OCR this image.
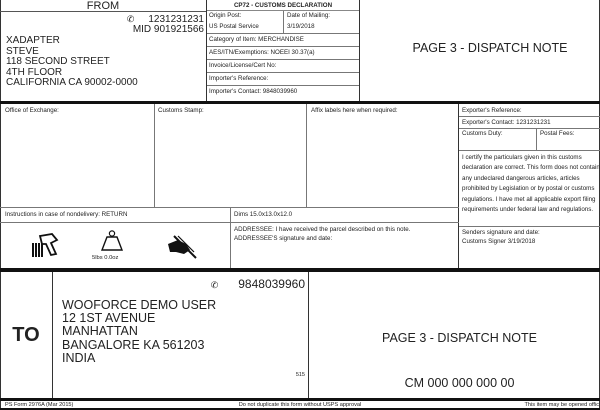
FROM
✆ 1231231231
MID 901921566
XADAPTER
STEVE
118 SECOND STREET
4TH FLOOR
CALIFORNIA CA 90002-0000
CP72 - CUSTOMS DECLARATION
Origin Post:
US Postal Service
Date of Mailing:
3/19/2018
Category of Item: MERCHANDISE
AES/ITN/Exemptions: NOEEI 30.37(a)
Invoice/License/Cert No:
Importer's Reference:
Importer's Contact: 9848039960
PAGE 3 - DISPATCH NOTE
Office of Exchange:	Customs Stamp:	Affix labels here when required:	Exporter's Reference:
Exporter's Contact: 1231231231
Customs Duty:	Postal Fees:
I certify the particulars given in this customs declaration are correct. This form does not contain any undeclared dangerous articles, articles prohibited by Legislation or by postal or customs regulations. I have met all applicable export filing requirements under federal law and regulations.
Senders signature and date:
Customs Signer 3/19/2018
Instructions in case of nondelivery: RETURN	Dims 15.0x13.0x12.0
5lbs 0.0oz
ADDRESSEE: I have received the parcel described on this note.
ADDRESSEE'S signature and date:
TO
✆ 9848039960
WOOFORCE DEMO USER
12 1ST AVENUE
MANHATTAN
BANGALORE KA 561203
INDIA
515
PAGE 3 - DISPATCH NOTE
CM 000 000 000 00
PS Form 2976A (Mar 2015)	Do not duplicate this form without USPS approval	This item may be opened offic
